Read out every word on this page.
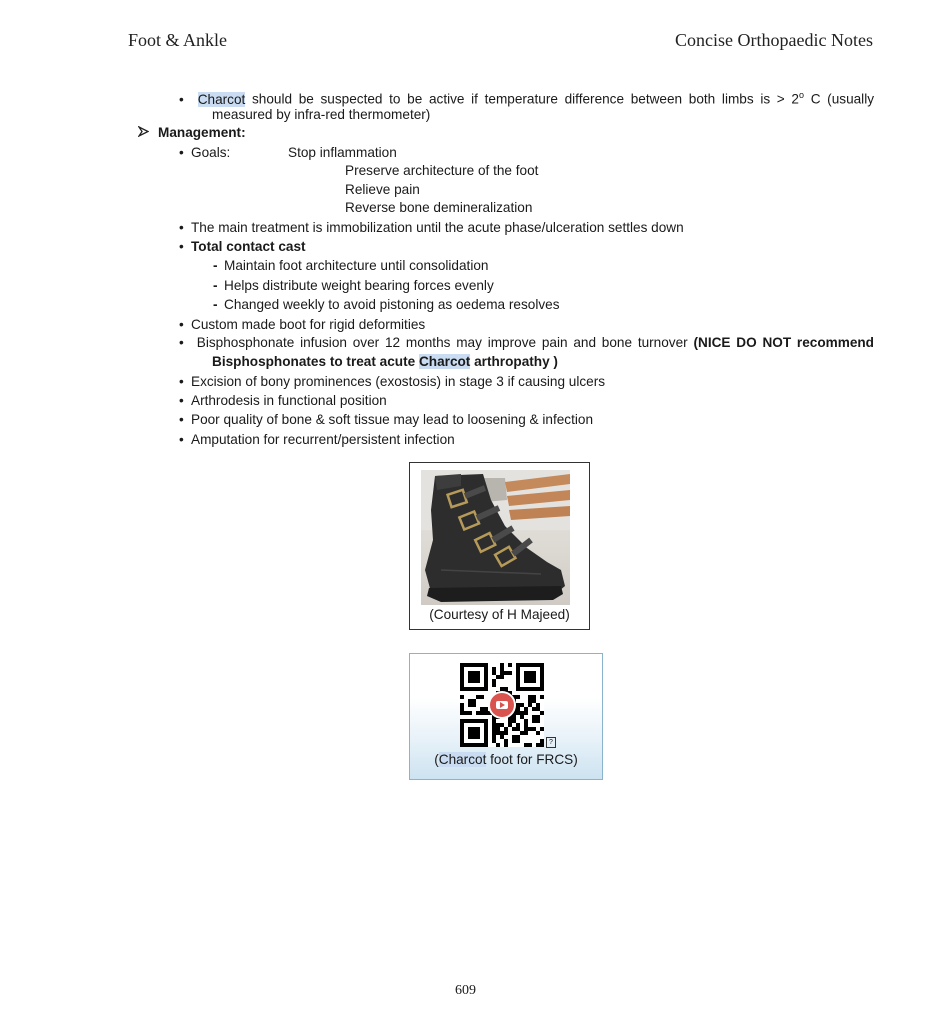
Foot & Ankle	Concise Orthopaedic Notes
• Charcot should be suspected to be active if temperature difference between both limbs is > $2^o$ C (usually
measured by infra-red thermometer)
Management:
• Goals:	Stop inflammation
Preserve architecture of the foot
Relieve pain
Reverse bone demineralization
• The main treatment is immobilization until the acute phase/ulceration settles down
• Total contact cast
- Maintain foot architecture until consolidation
- Helps distribute weight bearing forces evenly
- Changed weekly to avoid pistoning as oedema resolves
• Custom made boot for rigid deformities
• Bisphosphonate infusion over 12 months may improve pain and bone turnover (NICE DO NOT recommend
Bisphosphonates to treat acute Charcot arthropathy )
• Excision of bony prominences (exostosis) in stage 3 if causing ulcers
• Arthrodesis in functional position
• Poor quality of bone & soft tissue may lead to loosening & infection
• Amputation for recurrent/persistent infection
(Courtesy of H Majeed)
?
(Charcot foot for FRCS)
609
